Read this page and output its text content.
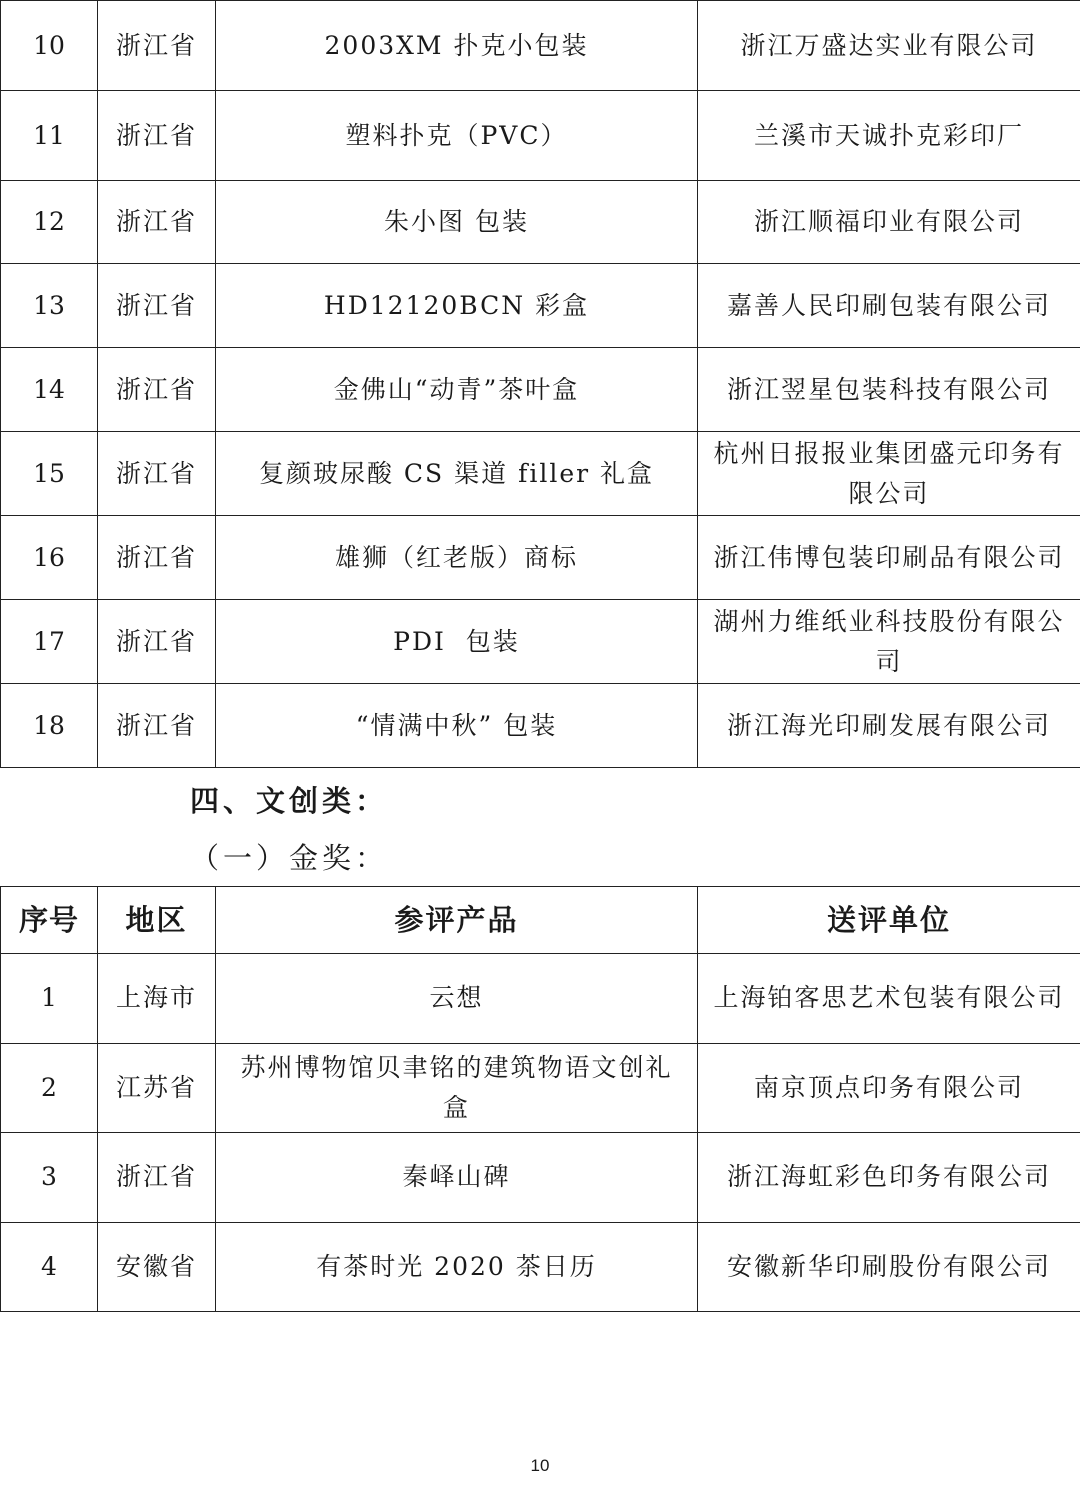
10	浙江省	2003XM 扑克小包装	浙江万盛达实业有限公司
11	浙江省	塑料扑克（PVC）	兰溪市天诚扑克彩印厂
12	浙江省	朱小图 包装	浙江顺福印业有限公司
13	浙江省	HD12120BCN 彩盒	嘉善人民印刷包装有限公司
14	浙江省	金佛山“动青”茶叶盒	浙江翌星包装科技有限公司
15	浙江省	复颜玻尿酸 CS 渠道 filler 礼盒	杭州日报报业集团盛元印务有限公司
16	浙江省	雄狮（红老版）商标	浙江伟博包装印刷品有限公司
17	浙江省	PDI  包装	湖州力维纸业科技股份有限公司
18	浙江省	“情满中秋” 包装	浙江海光印刷发展有限公司
四、文创类：
（一）金奖：
序号	地区	参评产品	送评单位
1	上海市	云想	上海铂客思艺术包装有限公司
2	江苏省	苏州博物馆贝聿铭的建筑物语文创礼盒	南京顶点印务有限公司
3	浙江省	秦峄山碑	浙江海虹彩色印务有限公司
4	安徽省	有茶时光 2020 茶日历	安徽新华印刷股份有限公司
10
